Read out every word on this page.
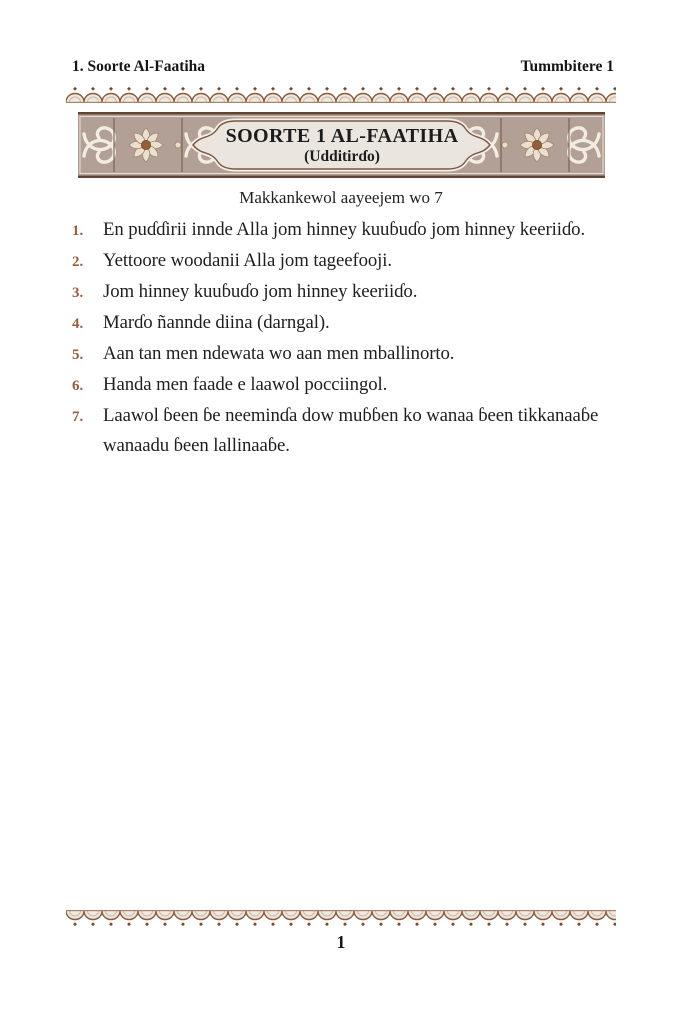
1. Soorte Al-Faatiha	Tummbitere 1
SOORTE 1 AL-FAATIHA
(Udditirɗo)
Makkankewol aayeejem wo 7
1.	En puɗɗirii innde Alla jom hinney kuuɓuɗo jom hinney keeriiɗo.
2.	Yettoore woodanii Alla jom tageefooji.
3.	Jom hinney kuuɓuɗo jom hinney keeriiɗo.
4.	Marɗo ñannde diina (darngal).
5.	Aan tan men ndewata wo aan men mballinorto.
6.	Handa men faade e laawol pocciingol.
7.	Laawol ɓeen ɓe neeminɗa dow muɓɓen ko wanaa ɓeen tikkanaaɓe wanaadu ɓeen lallinaaɓe.
1
